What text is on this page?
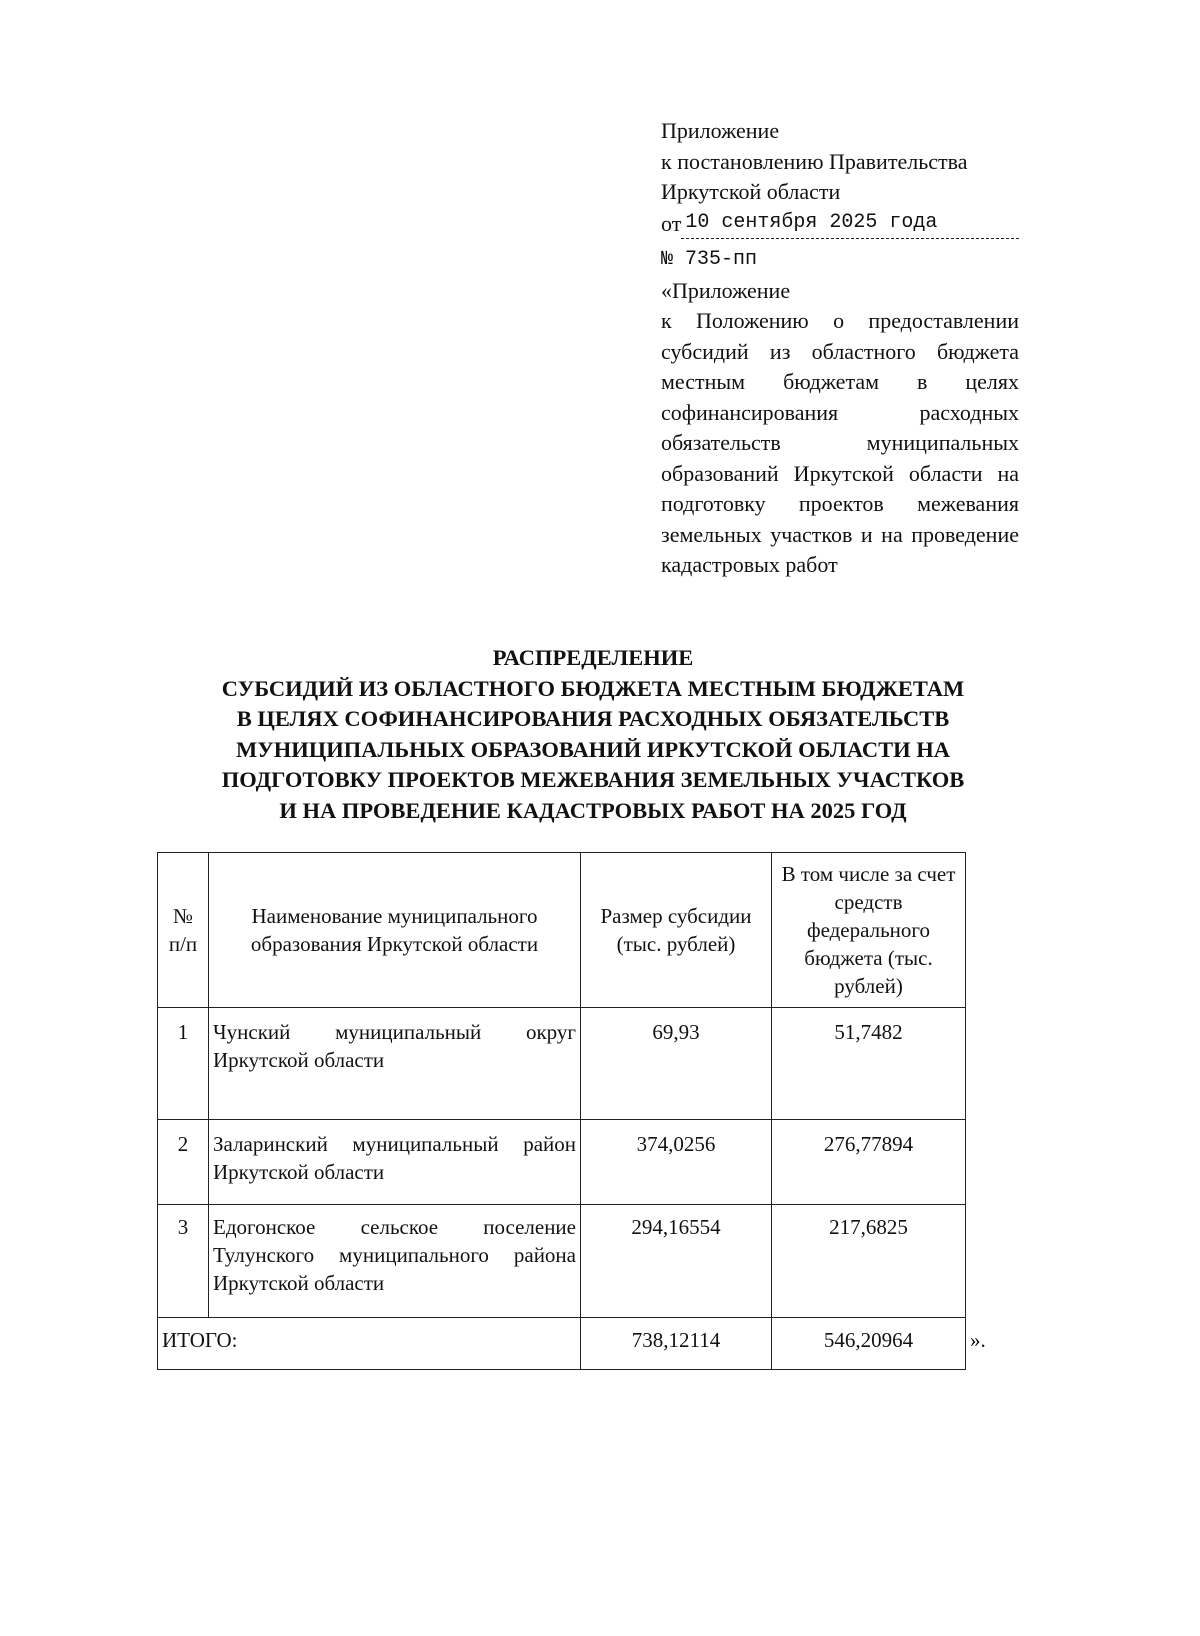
Приложение
к постановлению Правительства
Иркутской области
от 10 сентября 2025 года
№ 735-пп
«Приложение
к Положению о предоставлении субсидий из областного бюджета местным бюджетам в целях софинансирования расходных обязательств муниципальных образований Иркутской области на подготовку проектов межевания земельных участков и на проведение кадастровых работ
РАСПРЕДЕЛЕНИЕ
СУБСИДИЙ ИЗ ОБЛАСТНОГО БЮДЖЕТА МЕСТНЫМ БЮДЖЕТАМ
В ЦЕЛЯХ СОФИНАНСИРОВАНИЯ РАСХОДНЫХ ОБЯЗАТЕЛЬСТВ
МУНИЦИПАЛЬНЫХ ОБРАЗОВАНИЙ ИРКУТСКОЙ ОБЛАСТИ НА
ПОДГОТОВКУ ПРОЕКТОВ МЕЖЕВАНИЯ ЗЕМЕЛЬНЫХ УЧАСТКОВ
И НА ПРОВЕДЕНИЕ КАДАСТРОВЫХ РАБОТ НА 2025 ГОД
№ п/п	Наименование муниципального образования Иркутской области	Размер субсидии (тыс. рублей)	В том числе за счет средств федерального бюджета (тыс. рублей)
1	Чунский муниципальный округ Иркутской области	69,93	51,7482
2	Заларинский муниципальный район Иркутской области	374,0256	276,77894
3	Едогонское сельское поселение Тулунского муниципального района Иркутской области	294,16554	217,6825
ИТОГО:		738,12114	546,20964	».
